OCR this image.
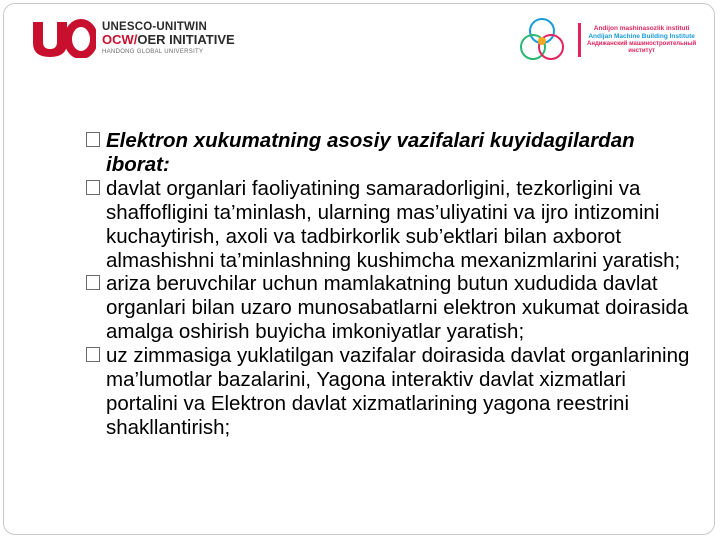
UNESCO-UNITWIN
OCW/OER INITIATIVE
HANDONG GLOBAL UNIVERSITY
Andijon mashinasozlik instituti
Andijan Machine Building Institute
Андижанский машиностроительный
институт

Elektron xukumatning asosiy vazifalari kuyidagilardan iborat:

davlat organlari faoliyatining samaradorligini, tezkorligini va shaffofligini ta’minlash, ularning mas’uliyatini va ijro intizomini kuchaytirish, axoli va tadbirkorlik sub’ektlari bilan axborot almashishni ta’minlashning kushimcha mexanizmlarini yaratish;

ariza beruvchilar uchun mamlakatning butun xududida davlat organlari bilan uzaro munosabatlarni elektron xukumat doirasida amalga oshirish buyicha imkoniyatlar yaratish;

uz zimmasiga yuklatilgan vazifalar doirasida davlat organlarining ma’lumotlar bazalarini, Yagona interaktiv davlat xizmatlari portalini va Elektron davlat xizmatlarining yagona reestrini shakllantirish;
